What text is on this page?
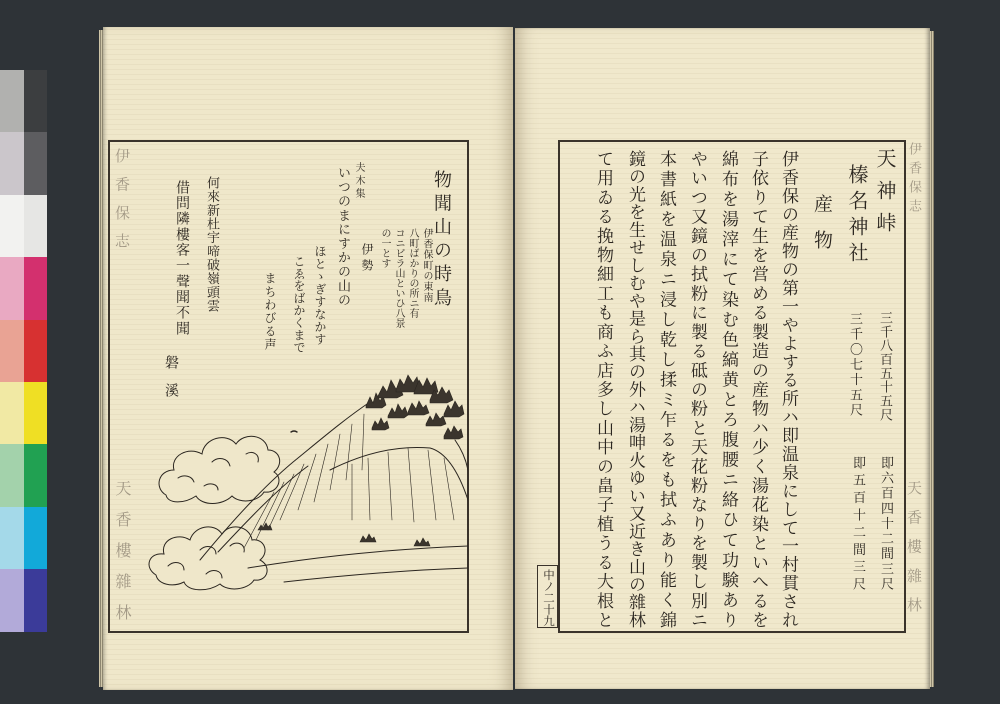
伊香保志
天香樓雜林
物聞山の時鳥
伊香保町の東南
八町ばかりの所ニ有
コニビラ山といひ八景
の一とす
夫木集
伊勢
いつのまにすかの山の
ほとゝぎすなかす
こゑをばかくまで
まちわびる声
何來新杜宇啼破嶺頭雲
借問隣樓客一聲聞不聞
磐溪
伊香保志
天香樓雜林
天神峠
三千八百五十五尺
即六百四十二間三尺
榛名神社
三千〇七十五尺
即五百十二間三尺
産物
伊香保の産物の第一やよする所ハ即温泉にして一村貫され
子依りて生を営める製造の産物ハ少く湯花染といへるを
綿布を湯滓にて染む色縞黄とろ腹腰ニ絡ひて功験あり
やいつ又鏡の拭粉に製る砥の粉と天花粉なりを製し別ニ
本書紙を温泉ニ浸し乾し揉ミ乍るをも拭ふあり能く錦
鏡の光を生せしむや是ら其の外ハ湯呻火ゆい又近き山の雜林
て用ゐる挽物細工も商ふ店多し山中の畠子植うる大根と
中ノ二十九
